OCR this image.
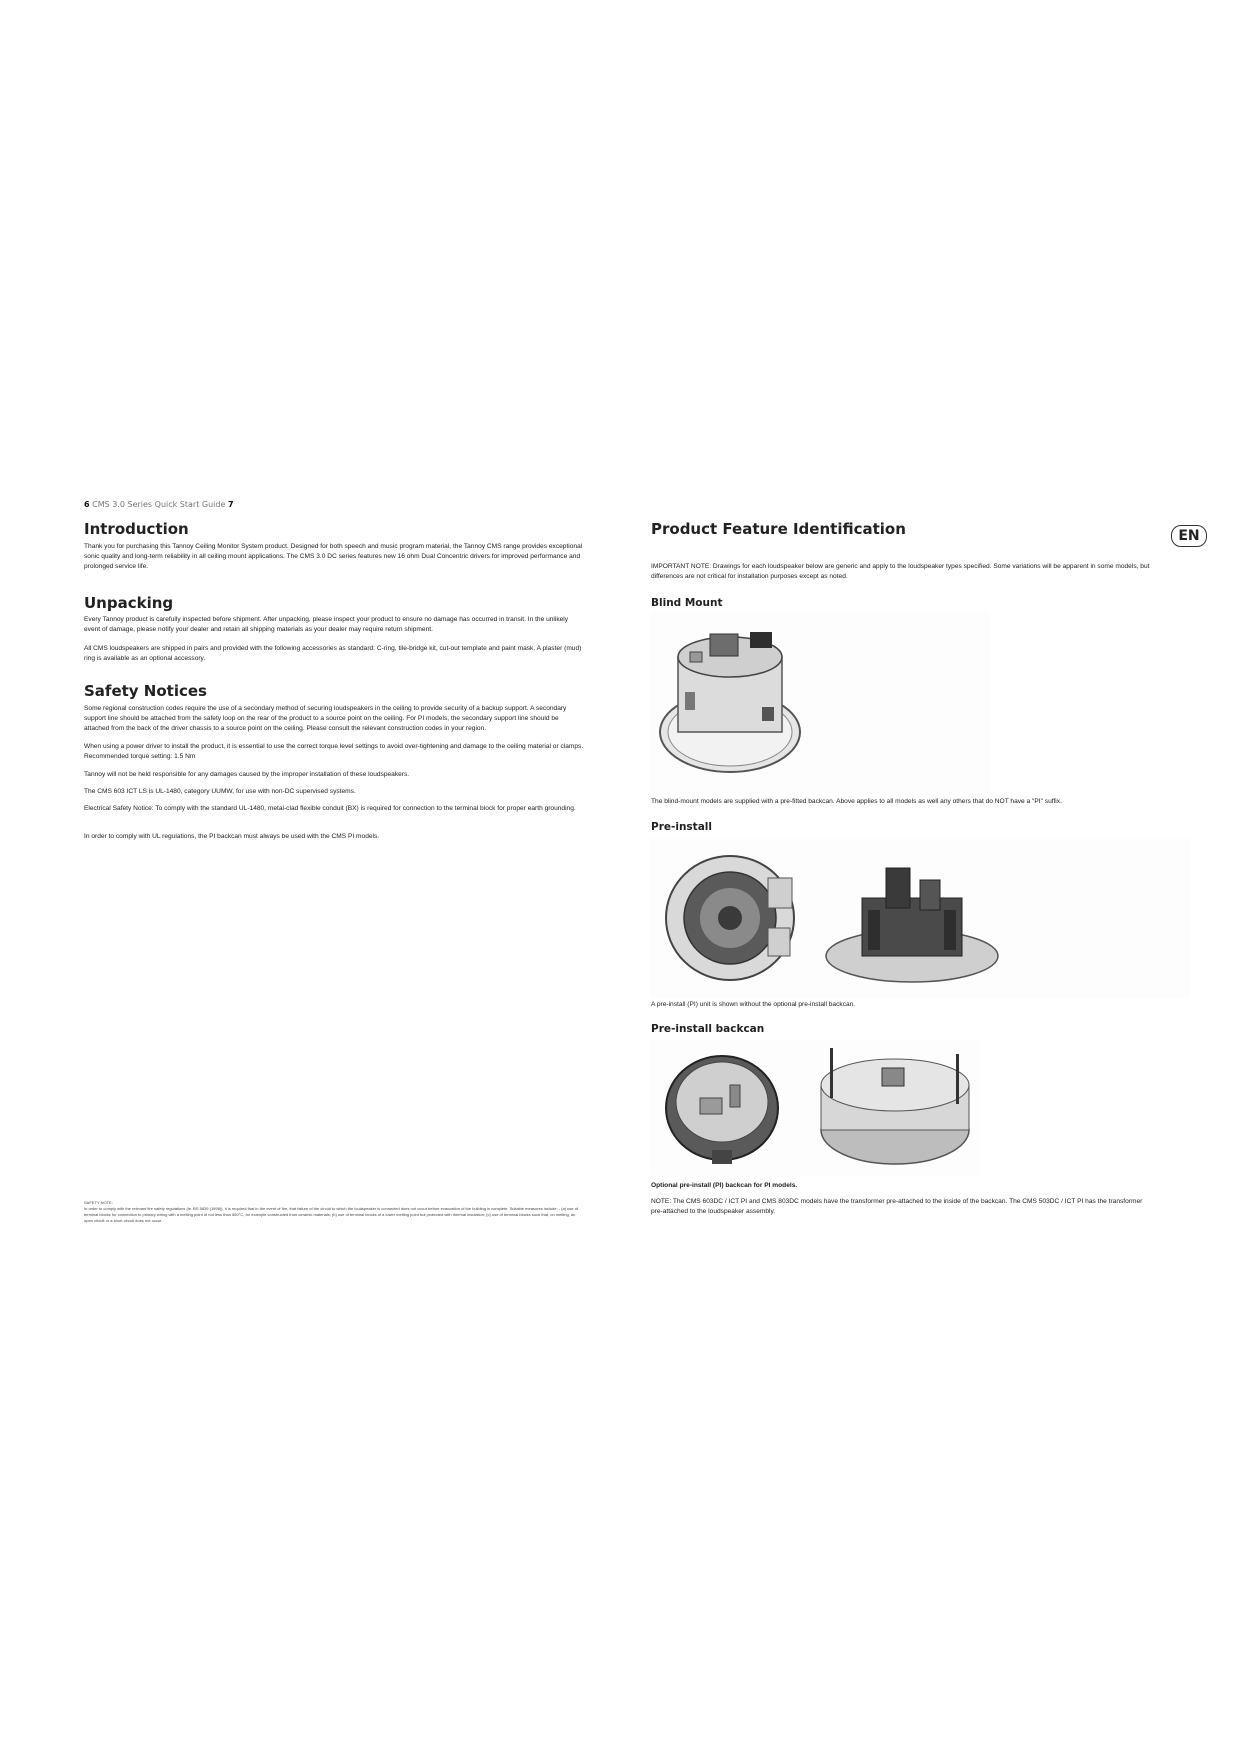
6 CMS 3.0 Series Quick Start Guide 7
EN
Introduction
Thank you for purchasing this Tannoy Ceiling Monitor System product. Designed for both speech and music program material, the Tannoy CMS range provides exceptional sonic quality and long-term reliability in all ceiling mount applications. The CMS 3.0 DC series features new 16 ohm Dual Concentric drivers for improved performance and prolonged service life.
Unpacking
Every Tannoy product is carefully inspected before shipment. After unpacking, please inspect your product to ensure no damage has occurred in transit. In the unlikely event of damage, please notify your dealer and retain all shipping materials as your dealer may require return shipment.
All CMS loudspeakers are shipped in pairs and provided with the following accessories as standard: C-ring, tile-bridge kit, cut-out template and paint mask. A plaster (mud) ring is available as an optional accessory.
Safety Notices
Some regional construction codes require the use of a secondary method of securing loudspeakers in the ceiling to provide security of a backup support. A secondary support line should be attached from the safety loop on the rear of the product to a source point on the ceiling. For PI models, the secondary support line should be attached from the back of the driver chassis to a source point on the ceiling. Please consult the relevant construction codes in your region.
When using a power driver to install the product, it is essential to use the correct torque level settings to avoid over-tightening and damage to the ceiling material or clamps. Recommended torque setting: 1.5 Nm
Tannoy will not be held responsible for any damages caused by the improper installation of these loudspeakers.
The CMS 603 ICT LS is UL-1480, category UUMW, for use with non-DC supervised systems.
Electrical Safety Notice: To comply with the standard UL-1480, metal-clad flexible conduit (BX) is required for connection to the terminal block for proper earth grounding.
In order to comply with UL regulations, the PI backcan must always be used with the CMS PI models.
SAFETY NOTE:
In order to comply with the relevant fire safety regulations (ie. BS 5839 (1998)), it is required that in the event of fire, that failure of the circuit to which the loudspeaker is connected does not occur before evacuation of the building is complete. Suitable measures include: - (a) use of terminal blocks for connection to primary wiring with a melting point of not less than 650°C, for example constructed from ceramic materials; (b) use of terminal blocks of a lower melting point but protected with thermal insulation; (c) use of terminal blocks such that, on melting, an open circuit or a short circuit does not occur.
Product Feature Identification
IMPORTANT NOTE: Drawings for each loudspeaker below are generic and apply to the loudspeaker types specified. Some variations will be apparent in some models, but differences are not critical for installation purposes except as noted.
Blind Mount
The blind-mount models are supplied with a pre-fitted backcan. Above applies to all models as well any others that do NOT have a "PI" suffix.
Pre-install
A pre-install (PI) unit is shown without the optional pre-install backcan.
Pre-install backcan
Optional pre-install (PI) backcan for PI models.
NOTE: The CMS 603DC / ICT PI and CMS 803DC models have the transformer pre-attached to the inside of the backcan. The CMS 503DC / ICT PI has the transformer pre-attached to the loudspeaker assembly.
